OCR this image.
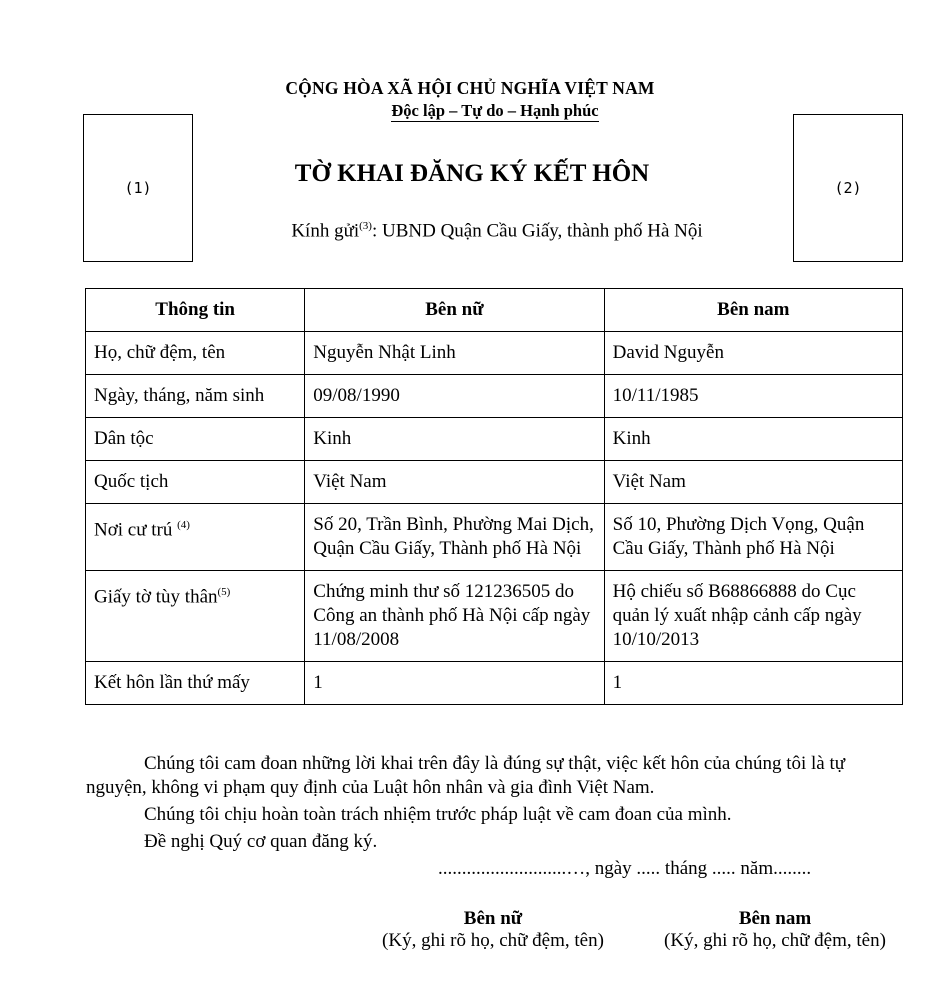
CỘNG HÒA XÃ HỘI CHỦ NGHĨA VIỆT NAM
Độc lập – Tự do – Hạnh phúc
(1)	(2)
TỜ KHAI ĐĂNG KÝ KẾT HÔN
Kính gửi$^{(3)}$: UBND Quận Cầu Giấy, thành phố Hà Nội
Thông tin	Bên nữ	Bên nam
Họ, chữ đệm, tên	Nguyễn Nhật Linh	David Nguyễn
Ngày, tháng, năm sinh	09/08/1990	10/11/1985
Dân tộc	Kinh	Kinh
Quốc tịch	Việt Nam	Việt Nam
Nơi cư trú $^{(4)}$	Số 20, Trần Bình, Phường Mai Dịch, Quận Cầu Giấy, Thành phố Hà Nội	Số 10, Phường Dịch Vọng, Quận Cầu Giấy, Thành phố Hà Nội
Giấy tờ tùy thân$^{(5)}$	Chứng minh thư số 121236505 do Công an thành phố Hà Nội cấp ngày 11/08/2008	Hộ chiếu số B68866888 do Cục quản lý xuất nhập cảnh cấp ngày 10/10/2013
Kết hôn lần thứ mấy	1	1
Chúng tôi cam đoan những lời khai trên đây là đúng sự thật, việc kết hôn của chúng tôi là tự nguyện, không vi phạm quy định của Luật hôn nhân và gia đình Việt Nam.
Chúng tôi chịu hoàn toàn trách nhiệm trước pháp luật về cam đoan của mình.
Đề nghị Quý cơ quan đăng ký.
...........................…, ngày ..... tháng ..... năm........
Bên nữ
(Ký, ghi rõ họ, chữ đệm, tên)
Bên nam
(Ký, ghi rõ họ, chữ đệm, tên)
